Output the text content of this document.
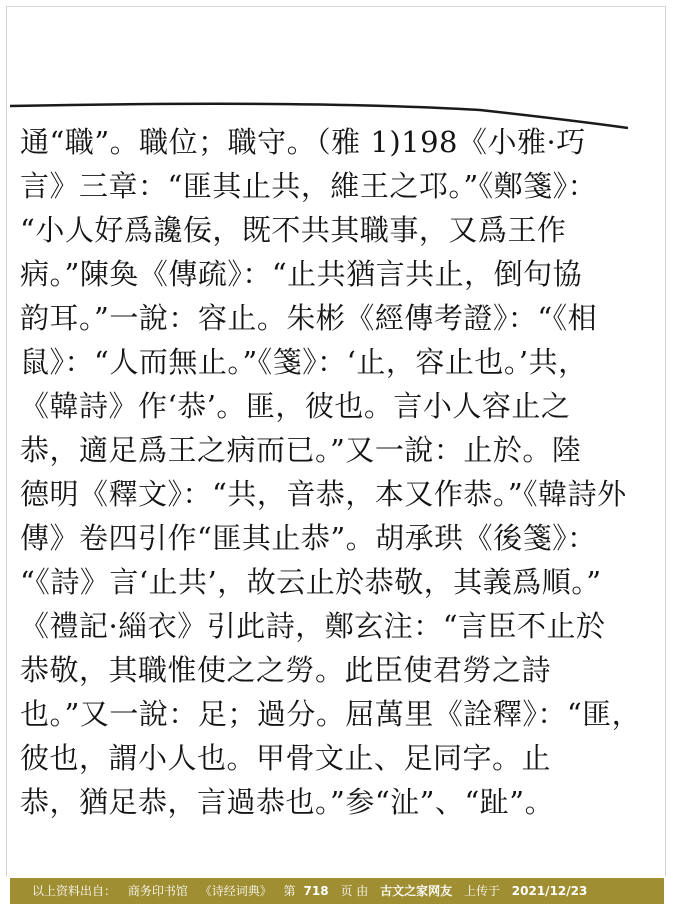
通“職”。職位；職守。（雅 1)198《小雅·巧
言》三章：“匪其止共，維王之邛。”《鄭箋》：
“小人好爲讒佞，既不共其職事，又爲王作
病。”陳奐《傳疏》：“止共猶言共止，倒句協
韵耳。”一說：容止。朱彬《經傳考證》：“《相
鼠》：“人而無止。”《箋》：‘止，容止也。’共，
《韓詩》作‘恭’。匪，彼也。言小人容止之
恭，適足爲王之病而已。”又一說：止於。陸
德明《釋文》：“共，音恭，本又作恭。”《韓詩外
傳》卷四引作“匪其止恭”。胡承珙《後箋》：
“《詩》言‘止共’，故云止於恭敬，其義爲順。”
《禮記·緇衣》引此詩，鄭玄注：“言臣不止於
恭敬，其職惟使之之勞。此臣使君勞之詩
也。”又一說：足；過分。屈萬里《詮釋》：“匪，
彼也，謂小人也。甲骨文止、足同字。止
恭，猶足恭，言過恭也。”参“沚”、“趾”。
以上资料出自： 商务印书馆 《诗经词典》 第 718 页 由 古文之家网友 上传于 2021/12/23
